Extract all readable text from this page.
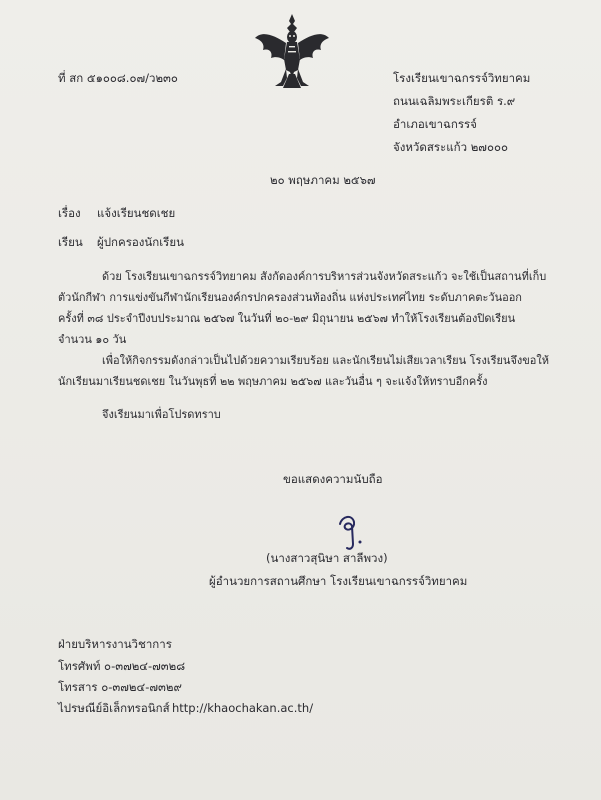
ที่ สก ๕๑๐๐๘.๐๗/ว๒๓๐	โรงเรียนเขาฉกรรจ์วิทยาคม
ถนนเฉลิมพระเกียรติ ร.๙
อำเภอเขาฉกรรจ์
จังหวัดสระแก้ว ๒๗๐๐๐
๒๐ พฤษภาคม ๒๕๖๗
เรื่อง แจ้งเรียนชดเชย
เรียน ผู้ปกครองนักเรียน
ด้วย โรงเรียนเขาฉกรรจ์วิทยาคม สังกัดองค์การบริหารส่วนจังหวัดสระแก้ว จะใช้เป็นสถานที่เก็บ
ตัวนักกีฬา การแข่งขันกีฬานักเรียนองค์กรปกครองส่วนท้องถิ่น แห่งประเทศไทย ระดับภาคตะวันออก
ครั้งที่ ๓๘ ประจำปีงบประมาณ ๒๕๖๗ ในวันที่ ๒๐-๒๙ มิถุนายน ๒๕๖๗ ทำให้โรงเรียนต้องปิดเรียน
จำนวน ๑๐ วัน
เพื่อให้กิจกรรมดังกล่าวเป็นไปด้วยความเรียบร้อย และนักเรียนไม่เสียเวลาเรียน โรงเรียนจึงขอให้
นักเรียนมาเรียนชดเชย ในวันพุธที่ ๒๒ พฤษภาคม ๒๕๖๗ และวันอื่น ๆ จะแจ้งให้ทราบอีกครั้ง
จึงเรียนมาเพื่อโปรดทราบ
ขอแสดงความนับถือ
(นางสาวสุนิษา สาลีพวง)
ผู้อำนวยการสถานศึกษา โรงเรียนเขาฉกรรจ์วิทยาคม
ฝ่ายบริหารงานวิชาการ
โทรศัพท์ ๐-๓๗๒๔-๗๓๒๘
โทรสาร ๐-๓๗๒๔-๗๓๒๙
ไปรษณีย์อิเล็กทรอนิกส์ http://khaochakan.ac.th/
